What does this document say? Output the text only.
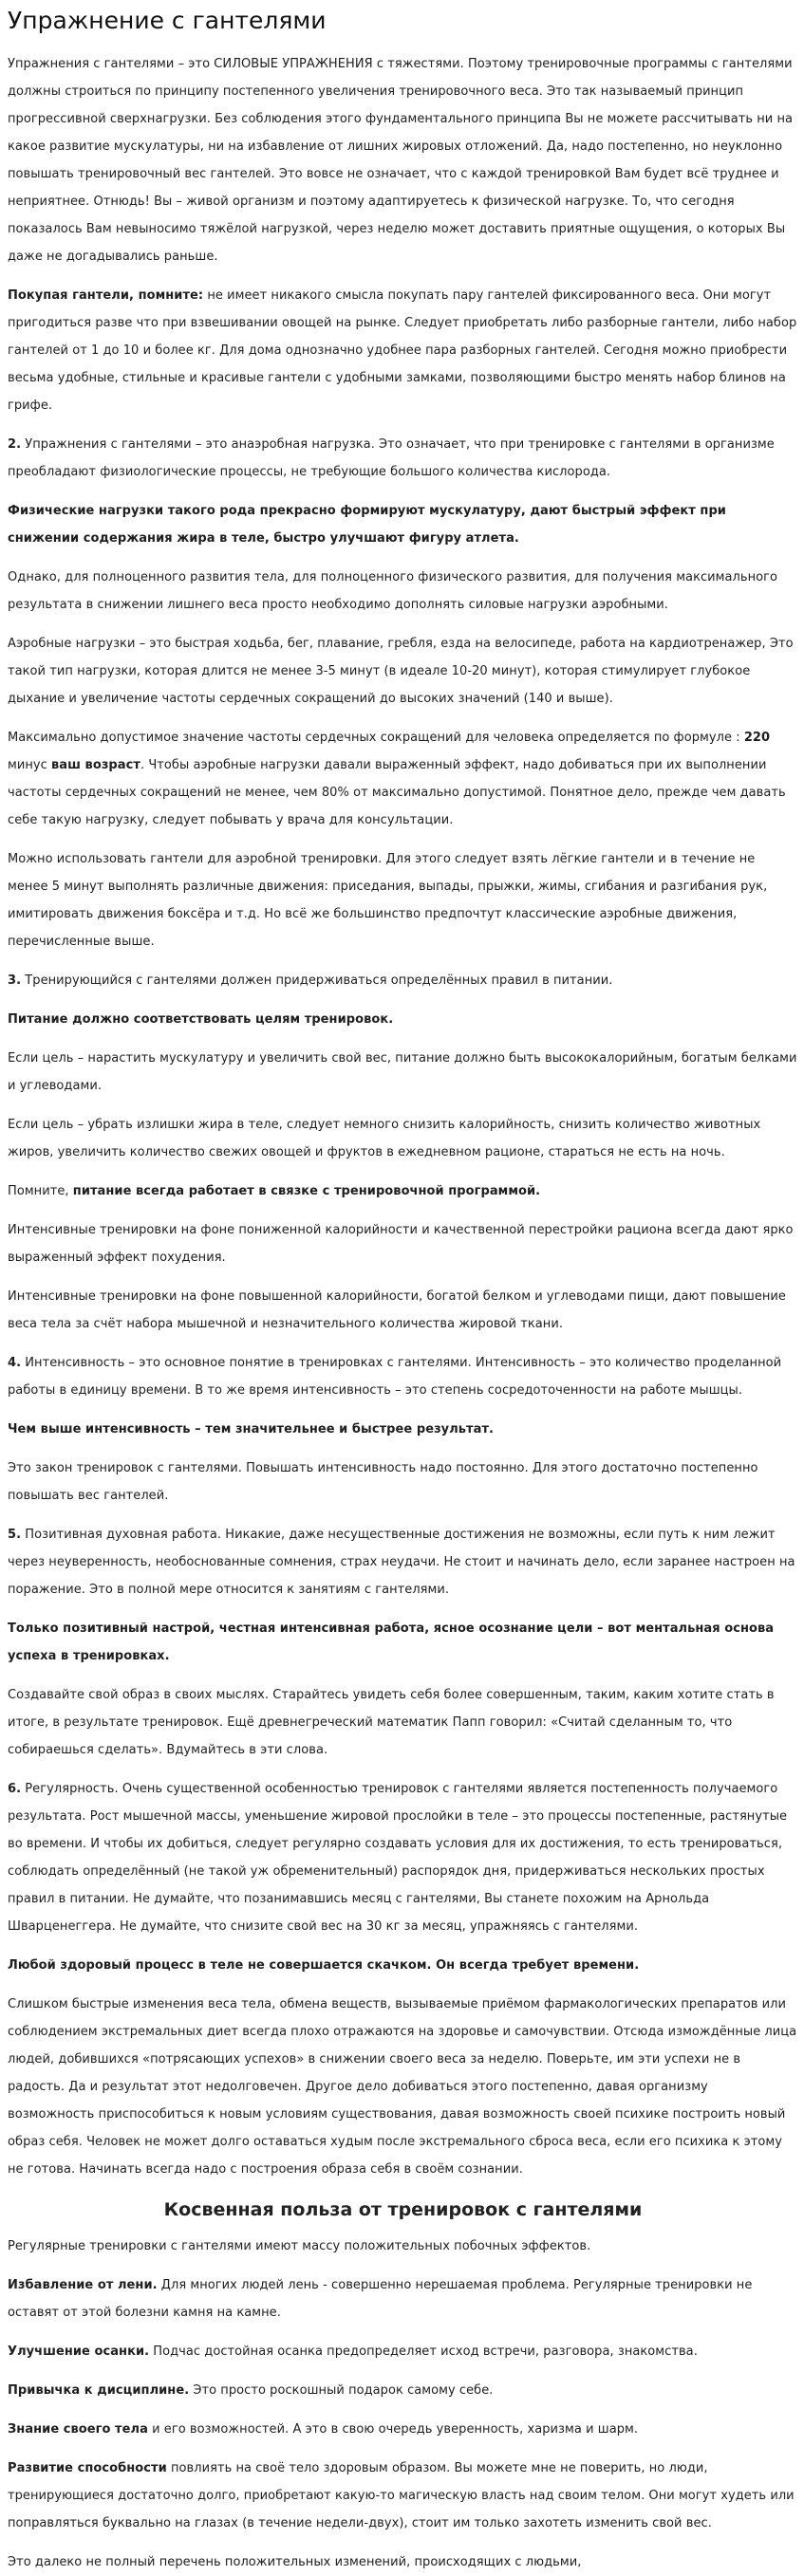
Упражнение с гантелями

Упражнения с гантелями – это СИЛОВЫЕ УПРАЖНЕНИЯ с тяжестями. Поэтому тренировочные программы с гантелями должны строиться по принципу постепенного увеличения тренировочного веса. Это так называемый принцип прогрессивной сверхнагрузки. Без соблюдения этого фундаментального принципа Вы не можете рассчитывать ни на какое развитие мускулатуры, ни на избавление от лишних жировых отложений. Да, надо постепенно, но неуклонно повышать тренировочный вес гантелей. Это вовсе не означает, что с каждой тренировкой Вам будет всё труднее и неприятнее. Отнюдь! Вы – живой организм и поэтому адаптируетесь к физической нагрузке. То, что сегодня показалось Вам невыносимо тяжёлой нагрузкой, через неделю может доставить приятные ощущения, о которых Вы даже не догадывались раньше.

Покупая гантели, помните: не имеет никакого смысла покупать пару гантелей фиксированного веса. Они могут пригодиться разве что при взвешивании овощей на рынке. Следует приобретать либо разборные гантели, либо набор гантелей от 1 до 10 и более кг. Для дома однозначно удобнее пара разборных гантелей. Сегодня можно приобрести весьма удобные, стильные и красивые гантели с удобными замками, позволяющими быстро менять набор блинов на грифе.

2. Упражнения с гантелями – это анаэробная нагрузка. Это означает, что при тренировке с гантелями в организме преобладают физиологические процессы, не требующие большого количества кислорода.

Физические нагрузки такого рода прекрасно формируют мускулатуру, дают быстрый эффект при снижении содержания жира в теле, быстро улучшают фигуру атлета.

Однако, для полноценного развития тела, для полноценного физического развития, для получения максимального результата в снижении лишнего веса просто необходимо дополнять силовые нагрузки аэробными.

Аэробные нагрузки – это быстрая ходьба, бег, плавание, гребля, езда на велосипеде, работа на кардиотренажер, Это такой тип нагрузки, которая длится не менее 3-5 минут (в идеале 10-20 минут), которая стимулирует глубокое дыхание и увеличение частоты сердечных сокращений до высоких значений (140 и выше).

Максимально допустимое значение частоты сердечных сокращений для человека определяется по формуле : 220 минус ваш возраст. Чтобы аэробные нагрузки давали выраженный эффект, надо добиваться при их выполнении частоты сердечных сокращений не менее, чем 80% от максимально допустимой. Понятное дело, прежде чем давать себе такую нагрузку, следует побывать у врача для консультации.

Можно использовать гантели для аэробной тренировки. Для этого следует взять лёгкие гантели и в течение не менее 5 минут выполнять различные движения: приседания, выпады, прыжки, жимы, сгибания и разгибания рук, имитировать движения боксёра и т.д. Но всё же большинство предпочтут классические аэробные движения, перечисленные выше.

3. Тренирующийся с гантелями должен придерживаться определённых правил в питании.

Питание должно соответствовать целям тренировок.

Если цель – нарастить мускулатуру и увеличить свой вес, питание должно быть высококалорийным, богатым белками и углеводами.

Если цель – убрать излишки жира в теле, следует немного снизить калорийность, снизить количество животных жиров, увеличить количество свежих овощей и фруктов в ежедневном рационе, стараться не есть на ночь.

Помните, питание всегда работает в связке с тренировочной программой.

Интенсивные тренировки на фоне пониженной калорийности и качественной перестройки рациона всегда дают яркo выраженный эффект похудения.

Интенсивные тренировки на фоне повышенной калорийности, богатой белком и углеводами пищи, дают повышение веса тела за счёт набора мышечной и незначительного количества жировой ткани.

4. Интенсивность – это основное понятие в тренировках с гантелями. Интенсивность – это количество проделанной работы в единицу времени. В то же время интенсивность – это степень сосредоточенности на работе мышцы.

Чем выше интенсивность – тем значительнее и быстрее результат.

Это закон тренировок с гантелями. Повышать интенсивность надо постоянно. Для этого достаточно постепенно повышать вес гантелей.

5. Позитивная духовная работа. Никакие, даже несущественные достижения не возможны, если путь к ним лежит через неуверенность, необоснованные сомнения, страх неудачи. Не стоит и начинать дело, если заранее настроен на поражение. Это в полной мере относится к занятиям с гантелями.

Только позитивный настрой, честная интенсивная работа, ясное осознание цели – вот ментальная основа успеха в тренировках.

Создавайте свой образ в своих мыслях. Старайтесь увидеть себя более совершенным, таким, каким хотите стать в итоге, в результате тренировок. Ещё древнегреческий математик Папп говорил: «Считай сделанным то, что собираешься сделать». Вдумайтесь в эти слова.

6. Регулярность. Очень существенной особенностью тренировок с гантелями является постепенность получаемого результата. Рост мышечной массы, уменьшение жировой прослойки в теле – это процессы постепенные, растянутые во времени. И чтобы их добиться, следует регулярно создавать условия для их достижения, то есть тренироваться, соблюдать определённый (не такой уж обременительный) распорядок дня, придерживаться нескольких простых правил в питании. Не думайте, что позанимавшись месяц с гантелями, Вы станете похожим на Арнольда Шварценеггера. Не думайте, что снизите свой вес на 30 кг за месяц, упражняясь с гантелями.

Любой здоровый процесс в теле не совершается скачком. Он всегда требует времени.

Слишком быстрые изменения веса тела, обмена веществ, вызываемые приёмом фармакологических препаратов или соблюдением экстремальных диет всегда плохо отражаются на здоровье и самочувствии. Отсюда измождённые лица людей, добившихся «потрясающих успехов» в снижении своего веса за неделю. Поверьте, им эти успехи не в радость. Да и результат этот недолговечен. Другое дело добиваться этого постепенно, давая организму возможность приспособиться к новым условиям существования, давая возможность своей психике построить новый образ себя. Человек не может долго оставаться худым после экстремального сброса веса, если его психика к этому не готова. Начинать всегда надо с построения образа себя в своём сознании.

Косвенная польза от тренировок с гантелями

Регулярные тренировки с гантелями имеют массу положительных побочных эффектов.

Избавление от лени. Для многих людей лень - совершенно нерешаемая проблема. Регулярные тренировки не оставят от этой болезни камня на камне.

Улучшение осанки. Подчас достойная осанка предопределяет исход встречи, разговора, знакомства.

Привычка к дисциплине. Это просто роскошный подарок самому себе.

Знание своего тела и его возможностей. А это в свою очередь уверенность, харизма и шарм.

Развитие способности повлиять на своё тело здоровым образом. Вы можете мне не поверить, но люди, тренирующиеся достаточно долго, приобретают какую-то магическую власть над своим телом. Они могут худеть или поправляться буквально на глазах (в течение недели-двух), стоит им только захотеть изменить свой вес.

Это далеко не полный перечень положительных изменений, происходящих с людьми,
